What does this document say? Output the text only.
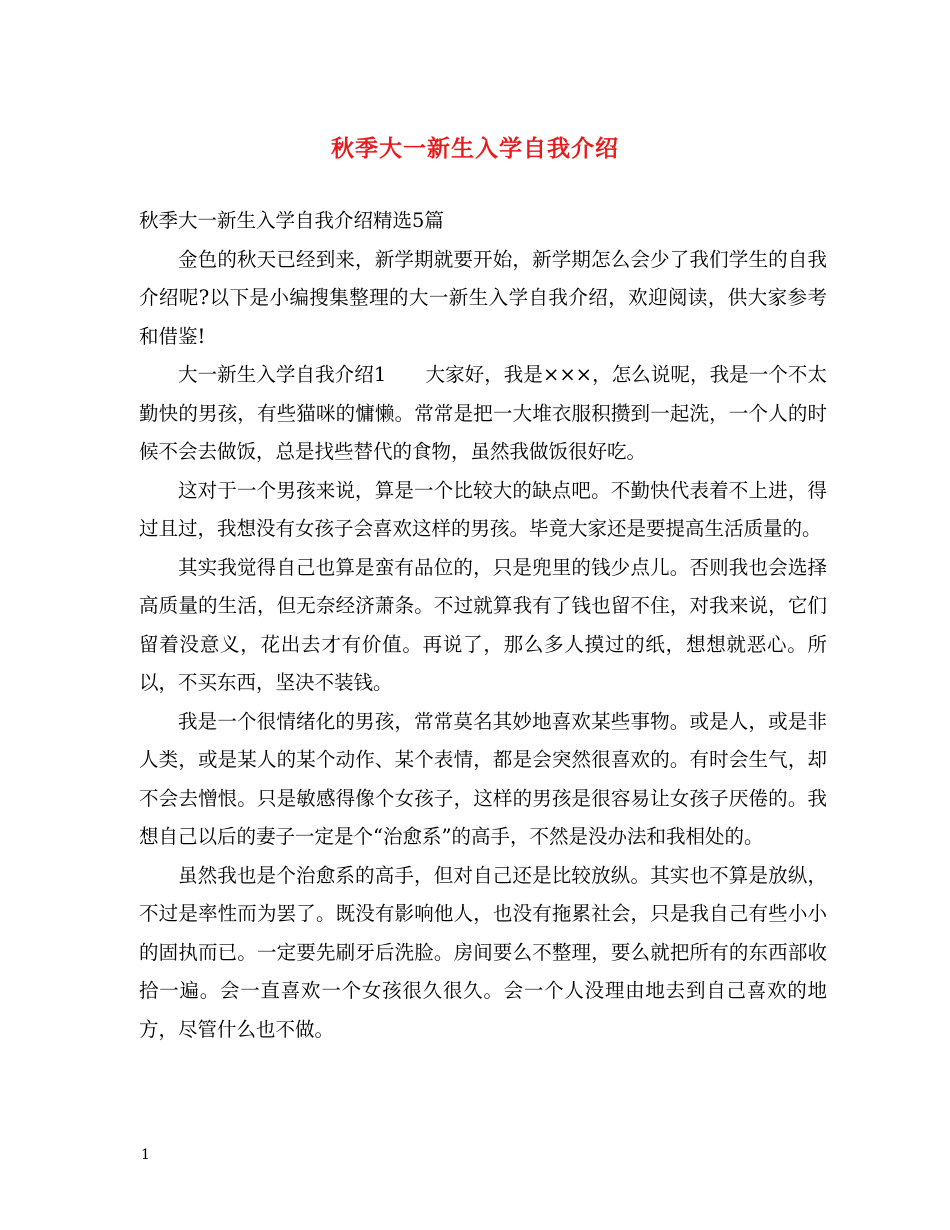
秋季大一新生入学自我介绍

秋季大一新生入学自我介绍精选5篇

金色的秋天已经到来，新学期就要开始，新学期怎么会少了我们学生的自我介绍呢?以下是小编搜集整理的大一新生入学自我介绍，欢迎阅读，供大家参考和借鉴!

大一新生入学自我介绍1　　大家好，我是×××，怎么说呢，我是一个不太勤快的男孩，有些猫咪的慵懒。常常是把一大堆衣服积攒到一起洗，一个人的时候不会去做饭，总是找些替代的食物，虽然我做饭很好吃。

这对于一个男孩来说，算是一个比较大的缺点吧。不勤快代表着不上进，得过且过，我想没有女孩子会喜欢这样的男孩。毕竟大家还是要提高生活质量的。

其实我觉得自己也算是蛮有品位的，只是兜里的钱少点儿。否则我也会选择高质量的生活，但无奈经济萧条。不过就算我有了钱也留不住，对我来说，它们留着没意义，花出去才有价值。再说了，那么多人摸过的纸，想想就恶心。所以，不买东西，坚决不装钱。

我是一个很情绪化的男孩，常常莫名其妙地喜欢某些事物。或是人，或是非人类，或是某人的某个动作、某个表情，都是会突然很喜欢的。有时会生气，却不会去憎恨。只是敏感得像个女孩子，这样的男孩是很容易让女孩子厌倦的。我想自己以后的妻子一定是个“治愈系”的高手，不然是没办法和我相处的。

虽然我也是个治愈系的高手，但对自己还是比较放纵。其实也不算是放纵，不过是率性而为罢了。既没有影响他人，也没有拖累社会，只是我自己有些小小的固执而已。一定要先刷牙后洗脸。房间要么不整理，要么就把所有的东西部收拾一遍。会一直喜欢一个女孩很久很久。会一个人没理由地去到自己喜欢的地方，尽管什么也不做。

1
